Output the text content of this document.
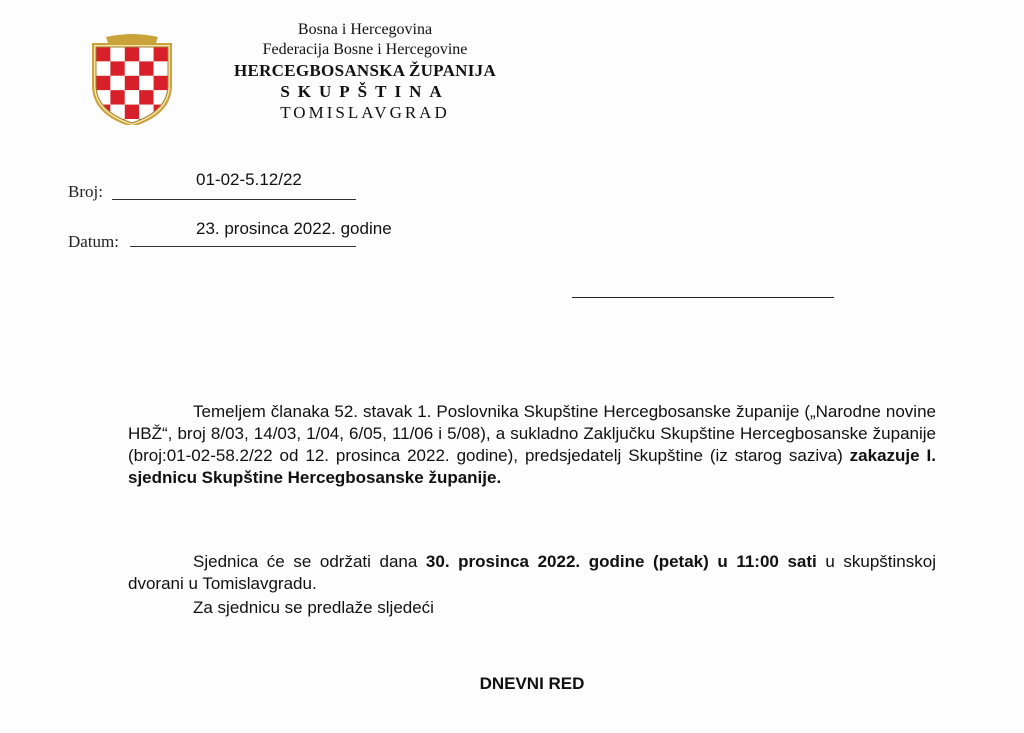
Bosna i Hercegovina
Federacija Bosne i Hercegovine
HERCEGBOSANSKA ŽUPANIJA
SKUPŠTINA
TOMISLAVGRAD
Broj:
01-02-5.12/22
Datum:
23. prosinca 2022. godine
Temeljem članaka 52. stavak 1. Poslovnika Skupštine Hercegbosanske županije („Narodne novine HBŽ“, broj 8/03, 14/03, 1/04, 6/05, 11/06 i 5/08), a sukladno Zaključku Skupštine Hercegbosanske županije (broj:01-02-58.2/22 od 12. prosinca 2022. godine), predsjedatelj Skupštine (iz starog saziva) zakazuje I. sjednicu Skupštine Hercegbosanske županije.
Sjednica će se održati dana 30. prosinca 2022. godine (petak) u 11:00 sati u skupštinskoj dvorani u Tomislavgradu.
Za sjednicu se predlaže sljedeći
DNEVNI RED
